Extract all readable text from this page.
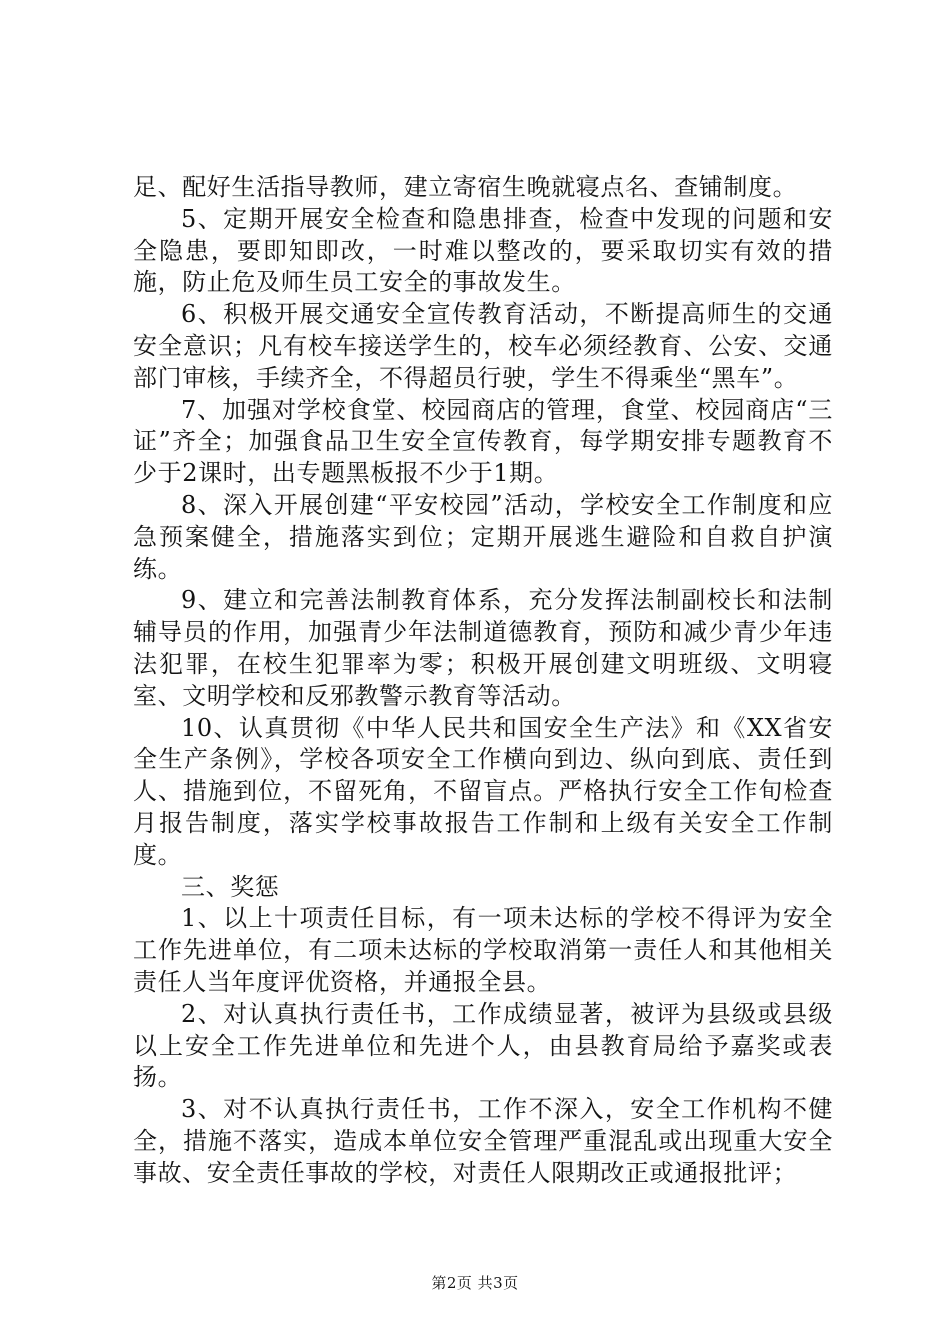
足、配好生活指导教师，建立寄宿生晚就寝点名、查铺制度。

5、定期开展安全检查和隐患排查，检查中发现的问题和安全隐患，要即知即改，一时难以整改的，要采取切实有效的措施，防止危及师生员工安全的事故发生。

6、积极开展交通安全宣传教育活动，不断提高师生的交通安全意识；凡有校车接送学生的，校车必须经教育、公安、交通部门审核，手续齐全，不得超员行驶，学生不得乘坐“黑车”。

7、加强对学校食堂、校园商店的管理，食堂、校园商店“三证”齐全；加强食品卫生安全宣传教育，每学期安排专题教育不少于2课时，出专题黑板报不少于1期。

8、深入开展创建“平安校园”活动，学校安全工作制度和应急预案健全，措施落实到位；定期开展逃生避险和自救自护演练。

9、建立和完善法制教育体系，充分发挥法制副校长和法制辅导员的作用，加强青少年法制道德教育，预防和减少青少年违法犯罪，在校生犯罪率为零；积极开展创建文明班级、文明寝室、文明学校和反邪教警示教育等活动。

10、认真贯彻《中华人民共和国安全生产法》和《XX省安全生产条例》，学校各项安全工作横向到边、纵向到底、责任到人、措施到位，不留死角，不留盲点。严格执行安全工作旬检查月报告制度，落实学校事故报告工作制和上级有关安全工作制度。

三、奖惩

1、以上十项责任目标，有一项未达标的学校不得评为安全工作先进单位，有二项未达标的学校取消第一责任人和其他相关责任人当年度评优资格，并通报全县。

2、对认真执行责任书，工作成绩显著，被评为县级或县级以上安全工作先进单位和先进个人，由县教育局给予嘉奖或表扬。

3、对不认真执行责任书，工作不深入，安全工作机构不健全，措施不落实，造成本单位安全管理严重混乱或出现重大安全事故、安全责任事故的学校，对责任人限期改正或通报批评；

第2页 共3页
